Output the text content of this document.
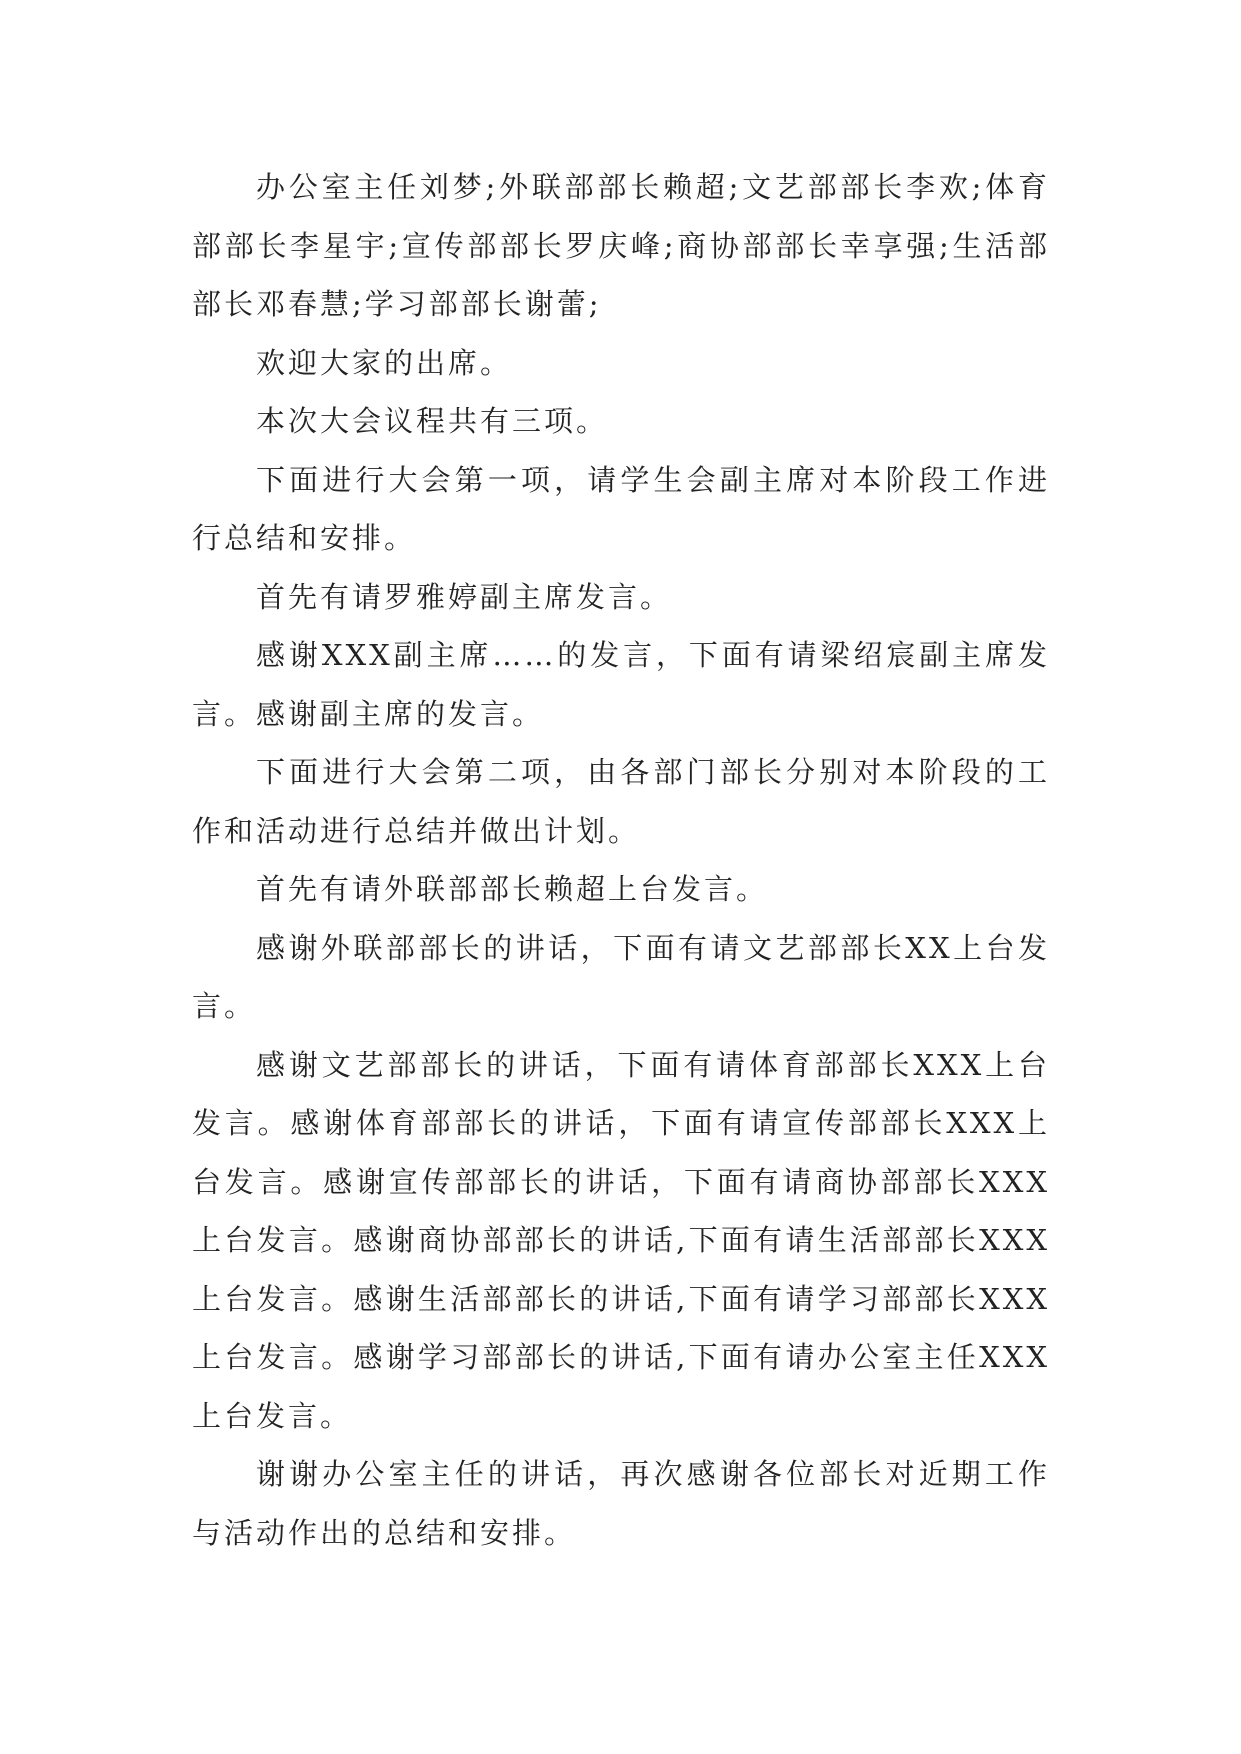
办公室主任刘梦;外联部部长赖超;文艺部部长李欢;体育部部长李星宇;宣传部部长罗庆峰;商协部部长幸享强;生活部部长邓春慧;学习部部长谢蕾;

欢迎大家的出席。

本次大会议程共有三项。

下面进行大会第一项，请学生会副主席对本阶段工作进行总结和安排。

首先有请罗雅婷副主席发言。

感谢XXX副主席……的发言，下面有请梁绍宸副主席发言。感谢副主席的发言。

下面进行大会第二项，由各部门部长分别对本阶段的工作和活动进行总结并做出计划。

首先有请外联部部长赖超上台发言。

感谢外联部部长的讲话，下面有请文艺部部长XX上台发言。

感谢文艺部部长的讲话，下面有请体育部部长XXX上台发言。感谢体育部部长的讲话，下面有请宣传部部长XXX上台发言。感谢宣传部部长的讲话，下面有请商协部部长XXX上台发言。感谢商协部部长的讲话,下面有请生活部部长XXX上台发言。感谢生活部部长的讲话,下面有请学习部部长XXX上台发言。感谢学习部部长的讲话,下面有请办公室主任XXX上台发言。

谢谢办公室主任的讲话，再次感谢各位部长对近期工作与活动作出的总结和安排。
